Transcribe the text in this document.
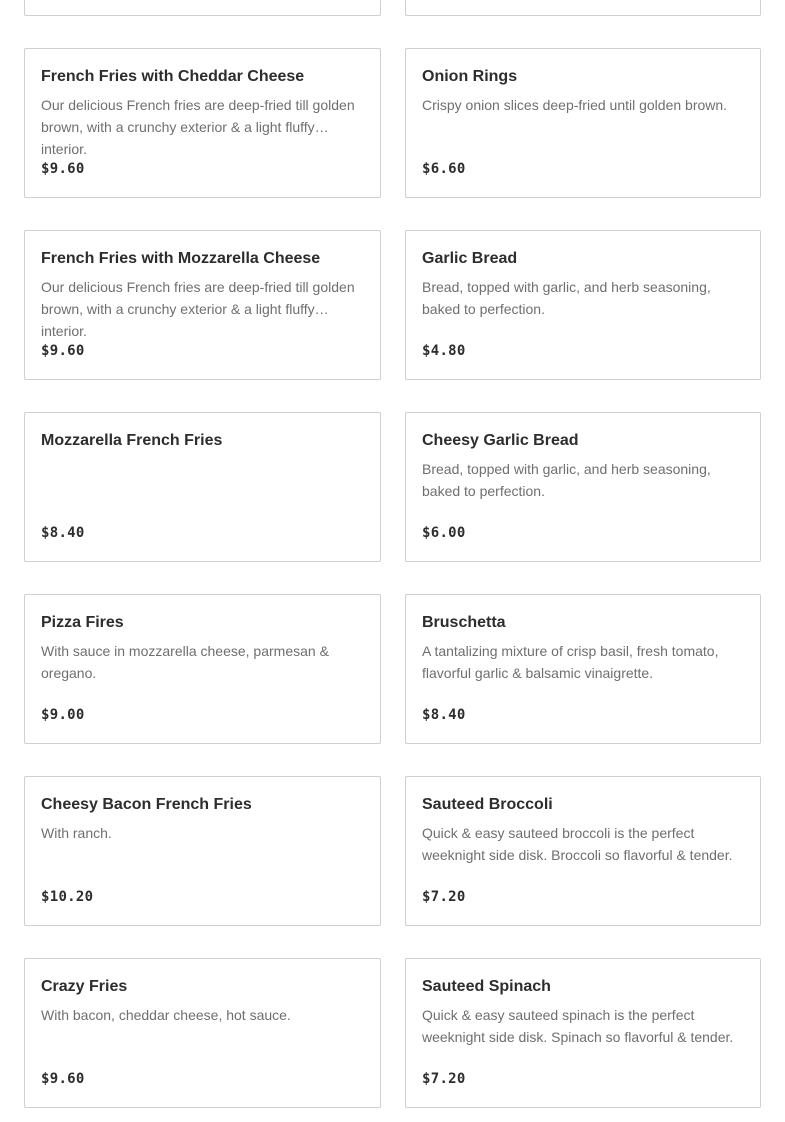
French Fries with Cheddar Cheese
Our delicious French fries are deep-fried till golden brown, with a crunchy exterior & a light fluffy interior.
$9.60
Onion Rings
Crispy onion slices deep-fried until golden brown.
$6.60
French Fries with Mozzarella Cheese
Our delicious French fries are deep-fried till golden brown, with a crunchy exterior & a light fluffy interior.
$9.60
Garlic Bread
Bread, topped with garlic, and herb seasoning, baked to perfection.
$4.80
Mozzarella French Fries
$8.40
Cheesy Garlic Bread
Bread, topped with garlic, and herb seasoning, baked to perfection.
$6.00
Pizza Fires
With sauce in mozzarella cheese, parmesan & oregano.
$9.00
Bruschetta
A tantalizing mixture of crisp basil, fresh tomato, flavorful garlic & balsamic vinaigrette.
$8.40
Cheesy Bacon French Fries
With ranch.
$10.20
Sauteed Broccoli
Quick & easy sauteed broccoli is the perfect weeknight side disk. Broccoli so flavorful & tender.
$7.20
Crazy Fries
With bacon, cheddar cheese, hot sauce.
$9.60
Sauteed Spinach
Quick & easy sauteed spinach is the perfect weeknight side disk. Spinach so flavorful & tender.
$7.20
